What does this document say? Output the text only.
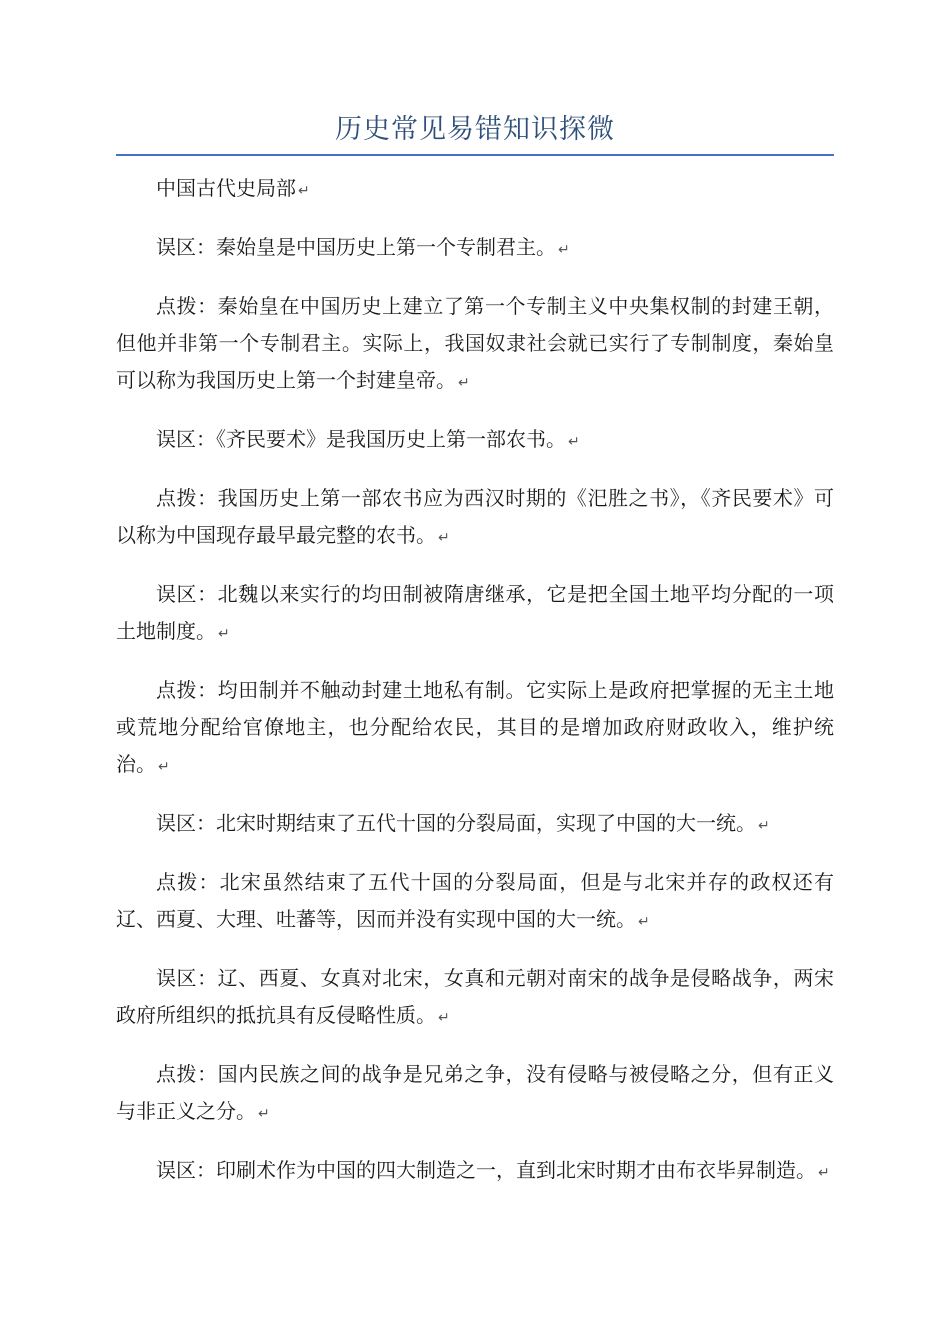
历史常见易错知识探微

中国古代史局部 ↵

误区：秦始皇是中国历史上第一个专制君主。 ↵

点拨：秦始皇在中国历史上建立了第一个专制主义中央集权制的封建王朝，但他并非第一个专制君主。实际上，我国奴隶社会就已实行了专制制度，秦始皇可以称为我国历史上第一个封建皇帝。 ↵

误区：《齐民要术》是我国历史上第一部农书。 ↵

点拨：我国历史上第一部农书应为西汉时期的《汜胜之书》，《齐民要术》可以称为中国现存最早最完整的农书。 ↵

误区：北魏以来实行的均田制被隋唐继承，它是把全国土地平均分配的一项土地制度。 ↵

点拨：均田制并不触动封建土地私有制。它实际上是政府把掌握的无主土地或荒地分配给官僚地主，也分配给农民，其目的是增加政府财政收入，维护统治。 ↵

误区：北宋时期结束了五代十国的分裂局面，实现了中国的大一统。 ↵

点拨：北宋虽然结束了五代十国的分裂局面，但是与北宋并存的政权还有辽、西夏、大理、吐蕃等，因而并没有实现中国的大一统。 ↵

误区：辽、西夏、女真对北宋，女真和元朝对南宋的战争是侵略战争，两宋政府所组织的抵抗具有反侵略性质。 ↵

点拨：国内民族之间的战争是兄弟之争，没有侵略与被侵略之分，但有正义与非正义之分。 ↵

误区：印刷术作为中国的四大制造之一，直到北宋时期才由布衣毕昇制造。 ↵
